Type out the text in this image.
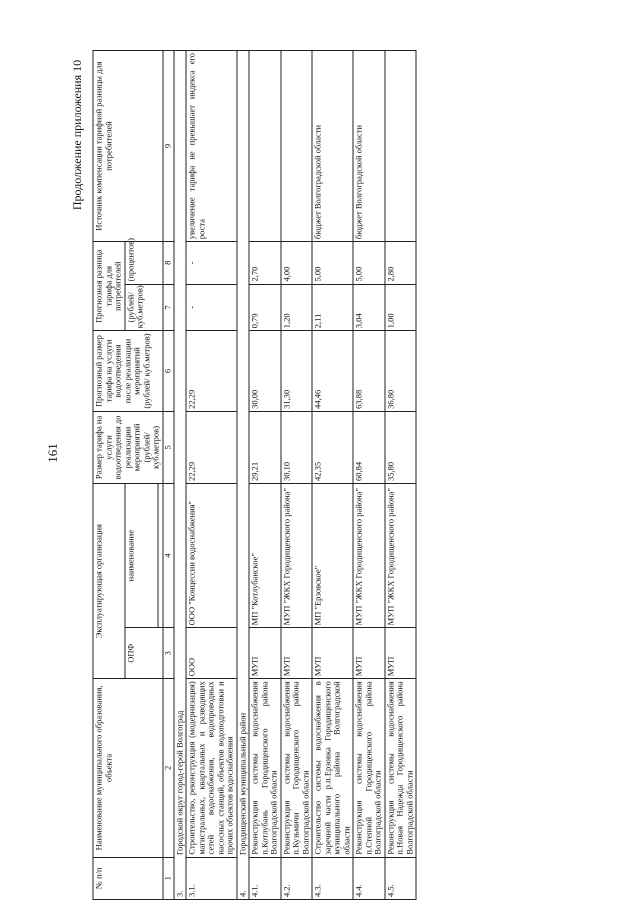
161
Продолжение приложения 10
№ п/п	Наименование муниципального образования, объекта	Эксплуатирующая организация		Размер тарифа на услуги водоотведения до реализации мероприятий (рублей/ куб.метров)	Прогнозный размер тарифа на услуги водоотведения после реализации мероприятий (рублей/ куб.метров)	Прогнозная разница тарифа для потребителей		Источник компенсации тарифной разницы для потребителей
		ОПФ	наименование			(рублей/ куб.метров)	(процентов)	

1	2	3	4	5	6	7	8	9
3.	Городской округ город-герой Волгоград							
3.1.	Строительство, реконструкция (модернизация) магистральных, квартальных и разводящих сетей водоснабжения, водопроводных насосных станций, объектов водоподготовки и прочих объектов водоснабжения	ООО	ООО "Концессии водоснабжения"	22,29	22,29	-	-	увеличение тарифа не превышает индекса его роста
4.	Городищенский муниципальный район							
4.1.	Реконструкция системы водоснабжения п.Котлубань Городищенского района Волгоградской области	МУП	МП "Котлубанское"	29,21	30,00	0,79	2,70	
4.2.	Реконструкция системы водоснабжения п.Кузьмичи Городищенского района Волгоградской области	МУП	МУП "ЖКХ Городищенского района"	30,10	31,30	1,20	4,00	
4.3.	Строительство системы водоснабжения в заречной части р.п.Ерзовка Городищенского муниципального района Волгоградской области	МУП	МП "Ерзовское"	42,35	44,46	2,11	5,00	бюджет Волгоградской области
4.4.	Реконструкция системы водоснабжения п.Степной Городищенского района Волгоградской области	МУП	МУП "ЖКХ Городищенского района"	60,84	63,88	3,04	5,00	бюджет Волгоградской области
4.5.	Реконструкция системы водоснабжения п.Новая Надежда Городищенского района Волгоградской области	МУП	МУП "ЖКХ Городищенского района"	35,80	36,80	1,00	2,80	
